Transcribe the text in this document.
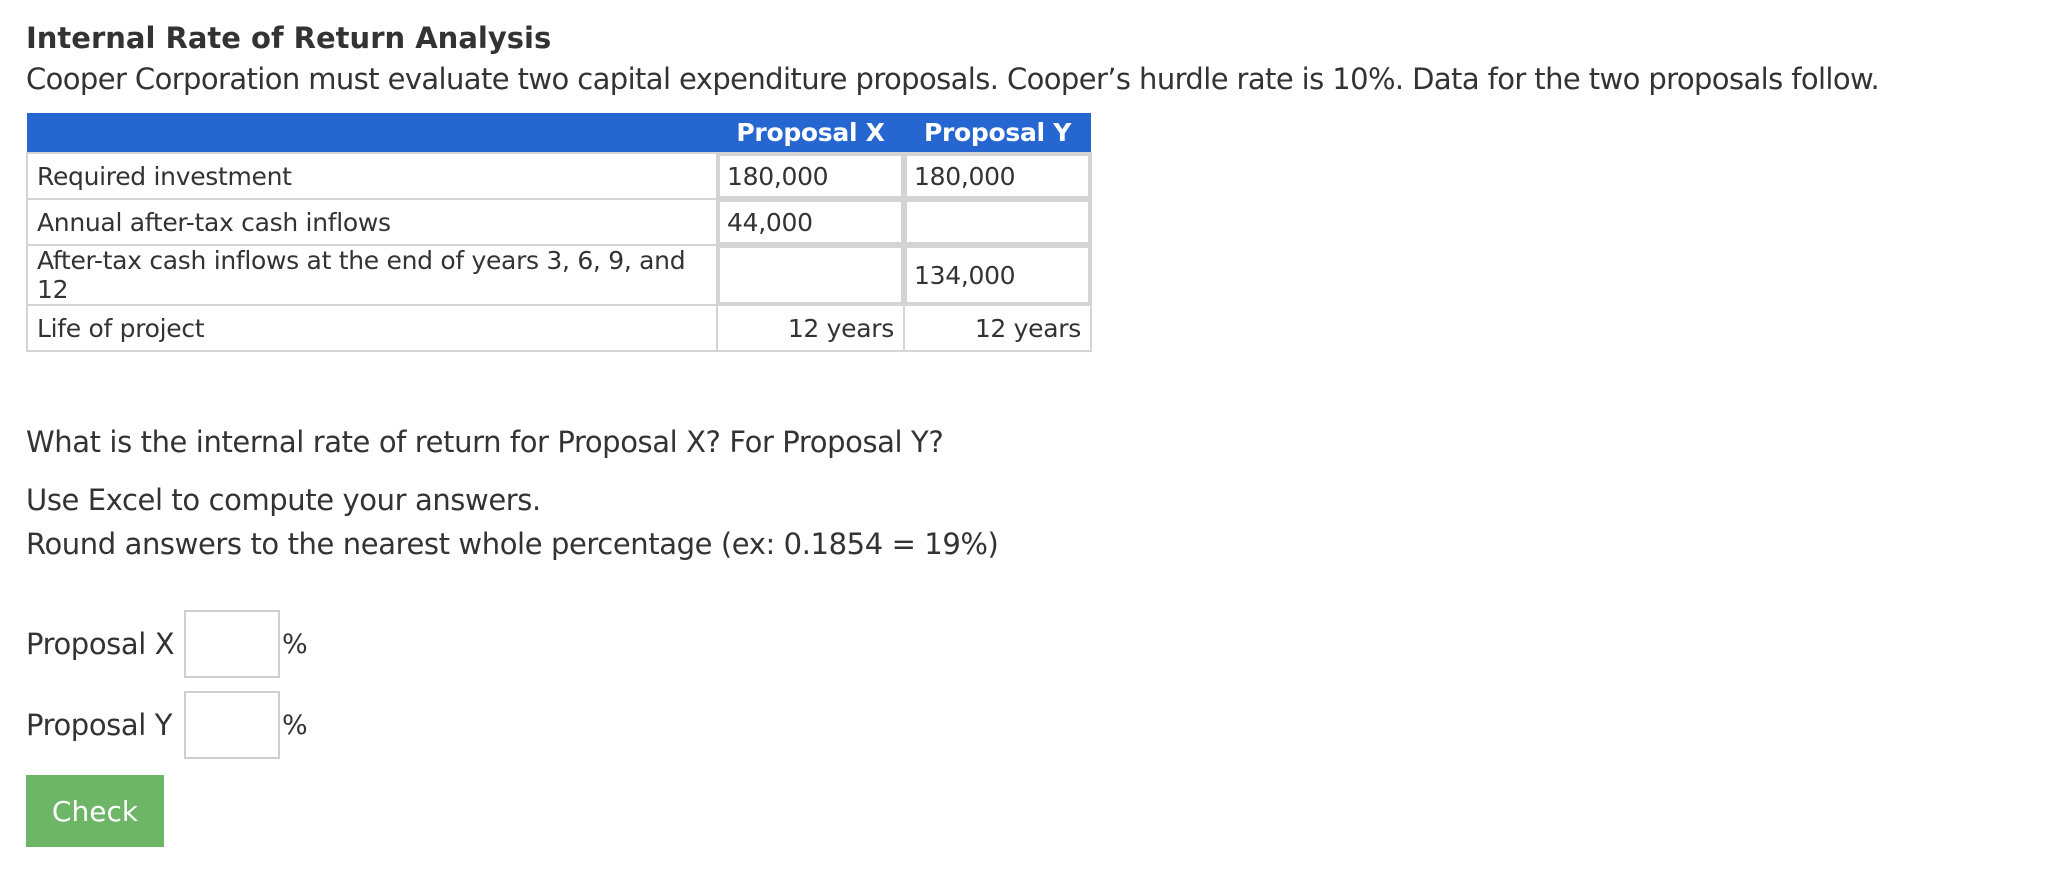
Internal Rate of Return Analysis

Cooper Corporation must evaluate two capital expenditure proposals. Cooper’s hurdle rate is 10%. Data for the two proposals follow.

	Proposal X	Proposal Y
Required investment	180,000	180,000
Annual after-tax cash inflows	44,000	
After-tax cash inflows at the end of years 3, 6, 9, and 12		134,000
Life of project	12 years	12 years
What is the internal rate of return for Proposal X? For Proposal Y?
Use Excel to compute your answers.
Round answers to the nearest whole percentage (ex: 0.1854 = 19%)
Proposal X	%
Proposal Y	%
Check
